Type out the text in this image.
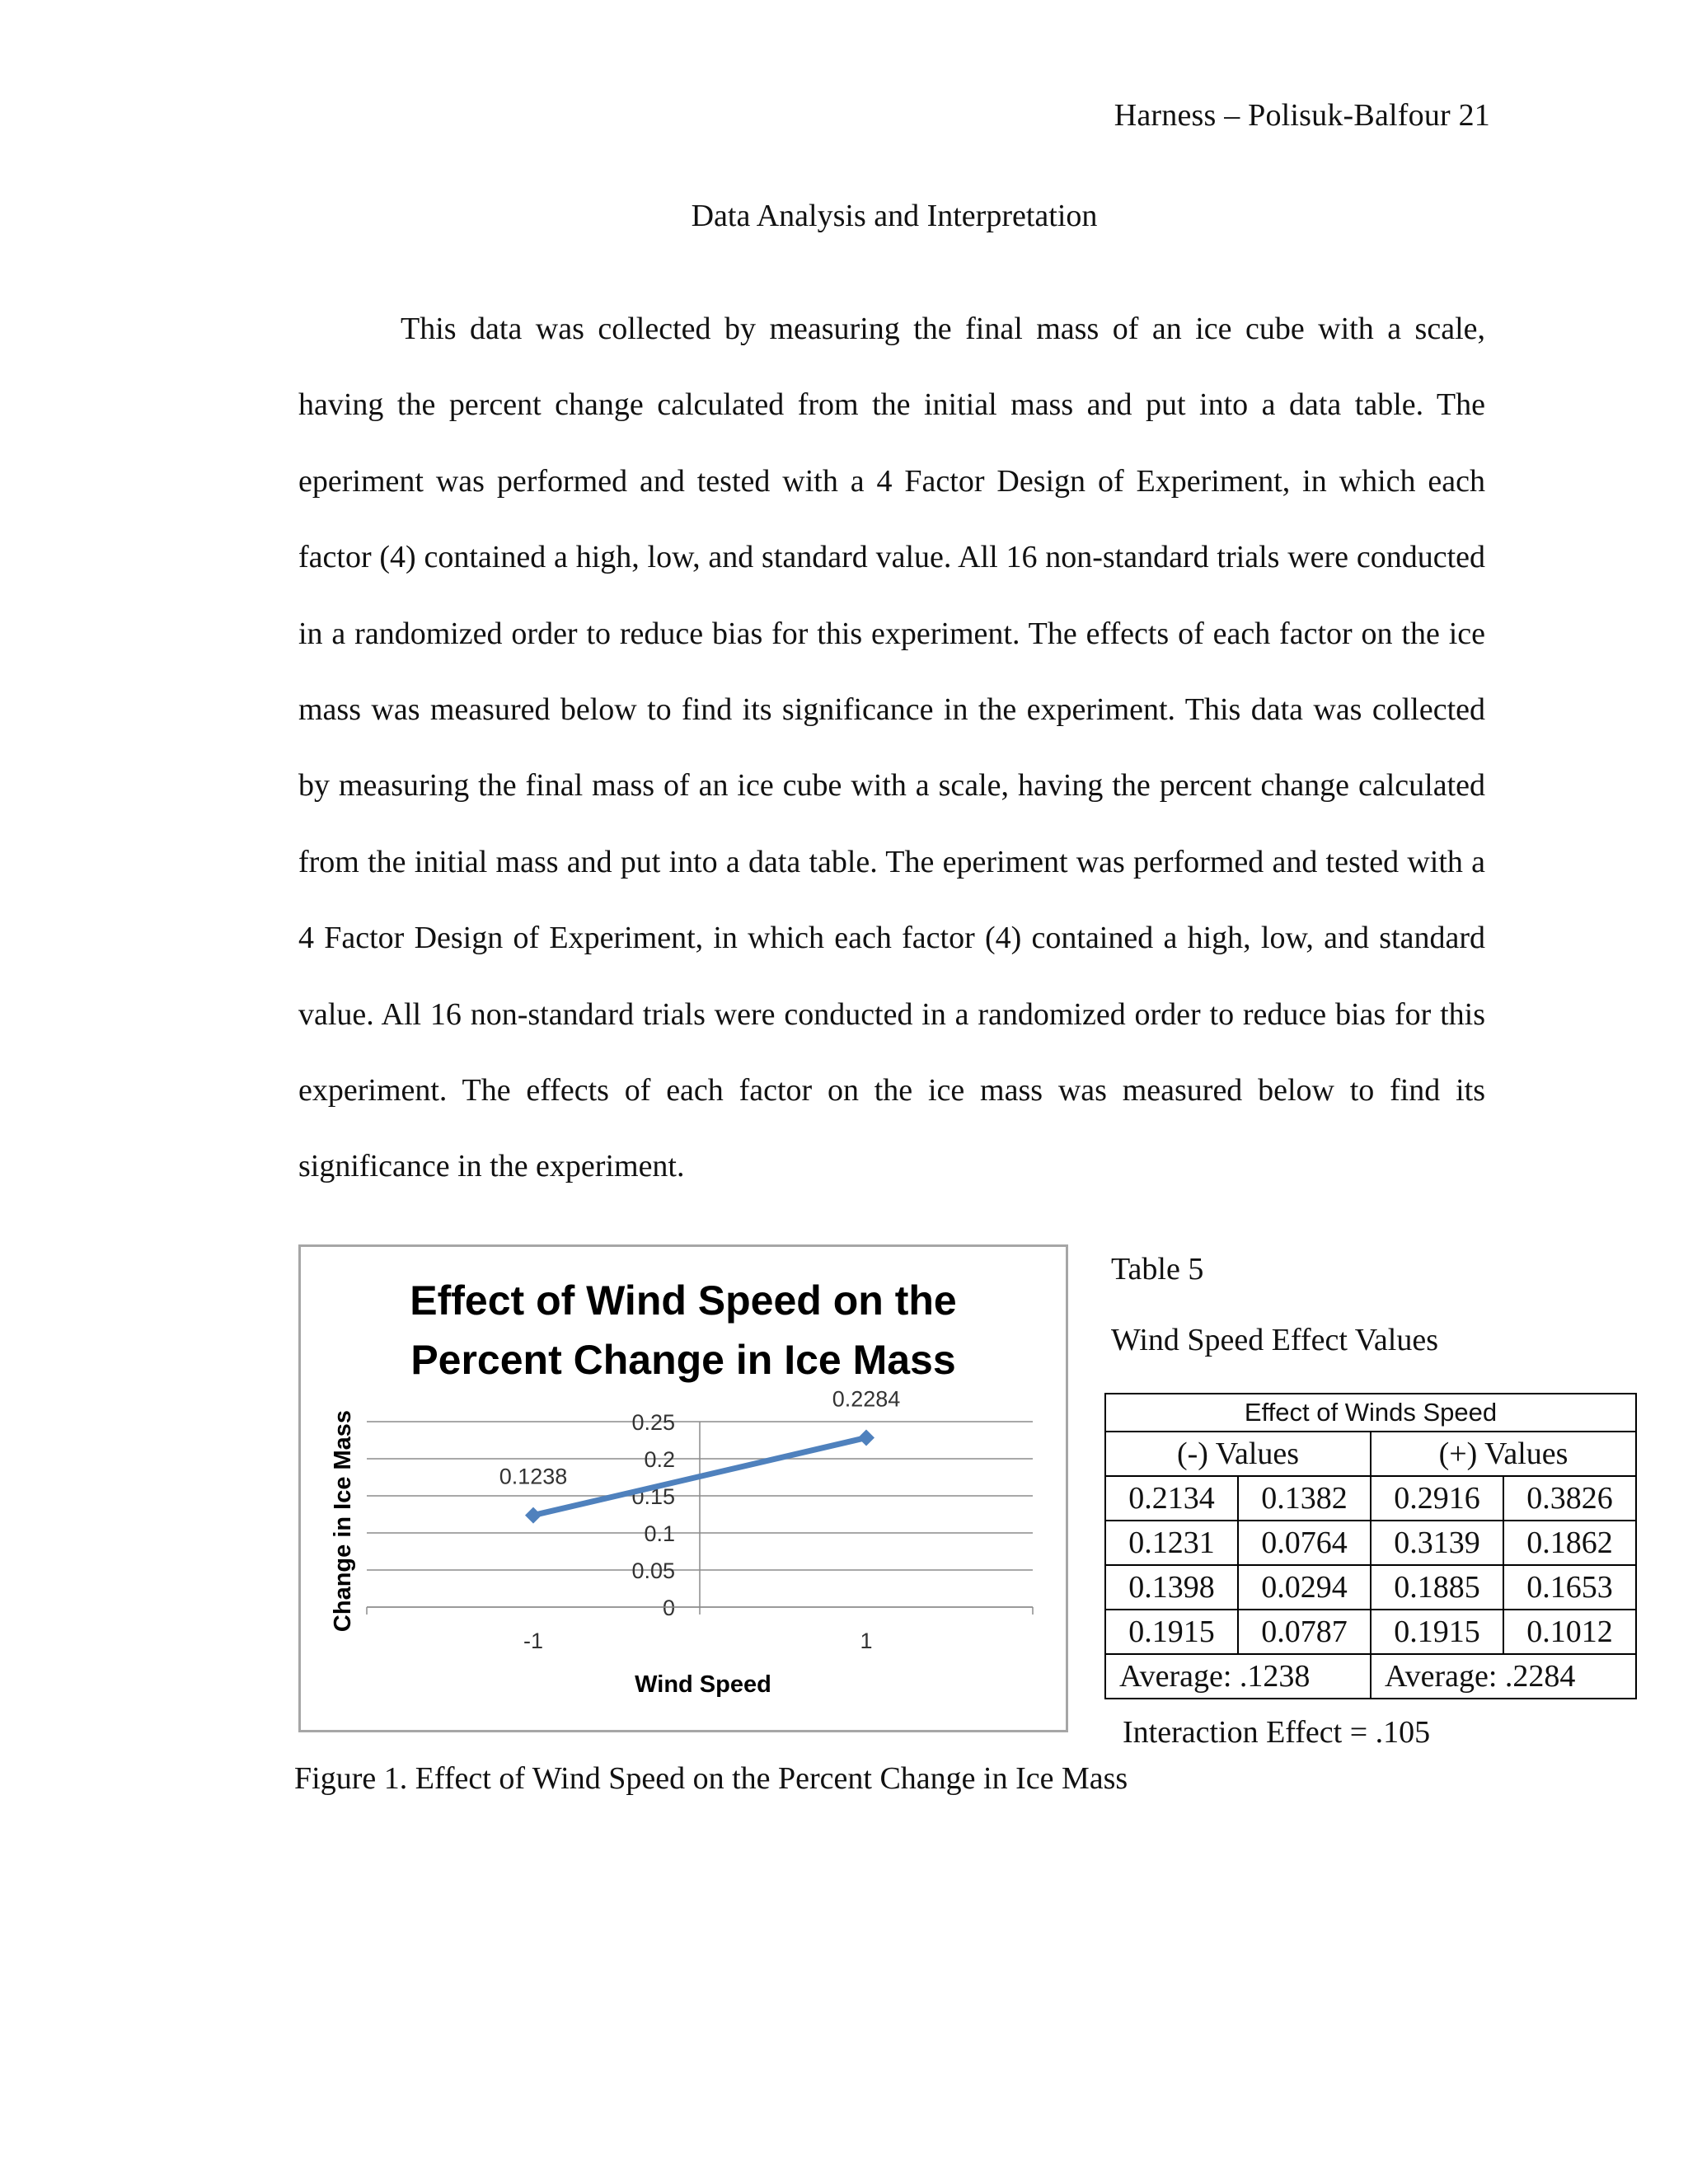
Harness – Polisuk-Balfour 21
Data Analysis and Interpretation

This data was collected by measuring the final mass of an ice cube with a scale, having the percent change calculated from the initial mass and put into a data table. The eperiment was performed and tested with a 4 Factor Design of Experiment, in which each factor (4) contained a high, low, and standard value. All 16 non-standard trials were conducted in a randomized order to reduce bias for this experiment. The effects of each factor on the ice mass was measured below to find its significance in the experiment. This data was collected by measuring the final mass of an ice cube with a scale, having the percent change calculated from the initial mass and put into a data table. The eperiment was performed and tested with a 4 Factor Design of Experiment, in which each factor (4) contained a high, low, and standard value. All 16 non-standard trials were conducted in a randomized order to reduce bias for this experiment. The effects of each factor on the ice mass was measured below to find its significance in the experiment.

Effect of Wind Speed on the
Percent Change in Ice Mass
0
0.05
0.1
0.15
0.2
0.25
-1	1
0.1238
0.2284
Wind Speed
Change in Ice Mass
Figure 1. Effect of Wind Speed on the Percent Change in Ice Mass
Table 5
Wind Speed Effect Values
Effect of Winds Speed			
(-) Values		(+) Values	
0.2134	0.1382	0.2916	0.3826
0.1231	0.0764	0.3139	0.1862
0.1398	0.0294	0.1885	0.1653
0.1915	0.0787	0.1915	0.1012
Average: .1238		Average: .2284	
Interaction Effect = .105
